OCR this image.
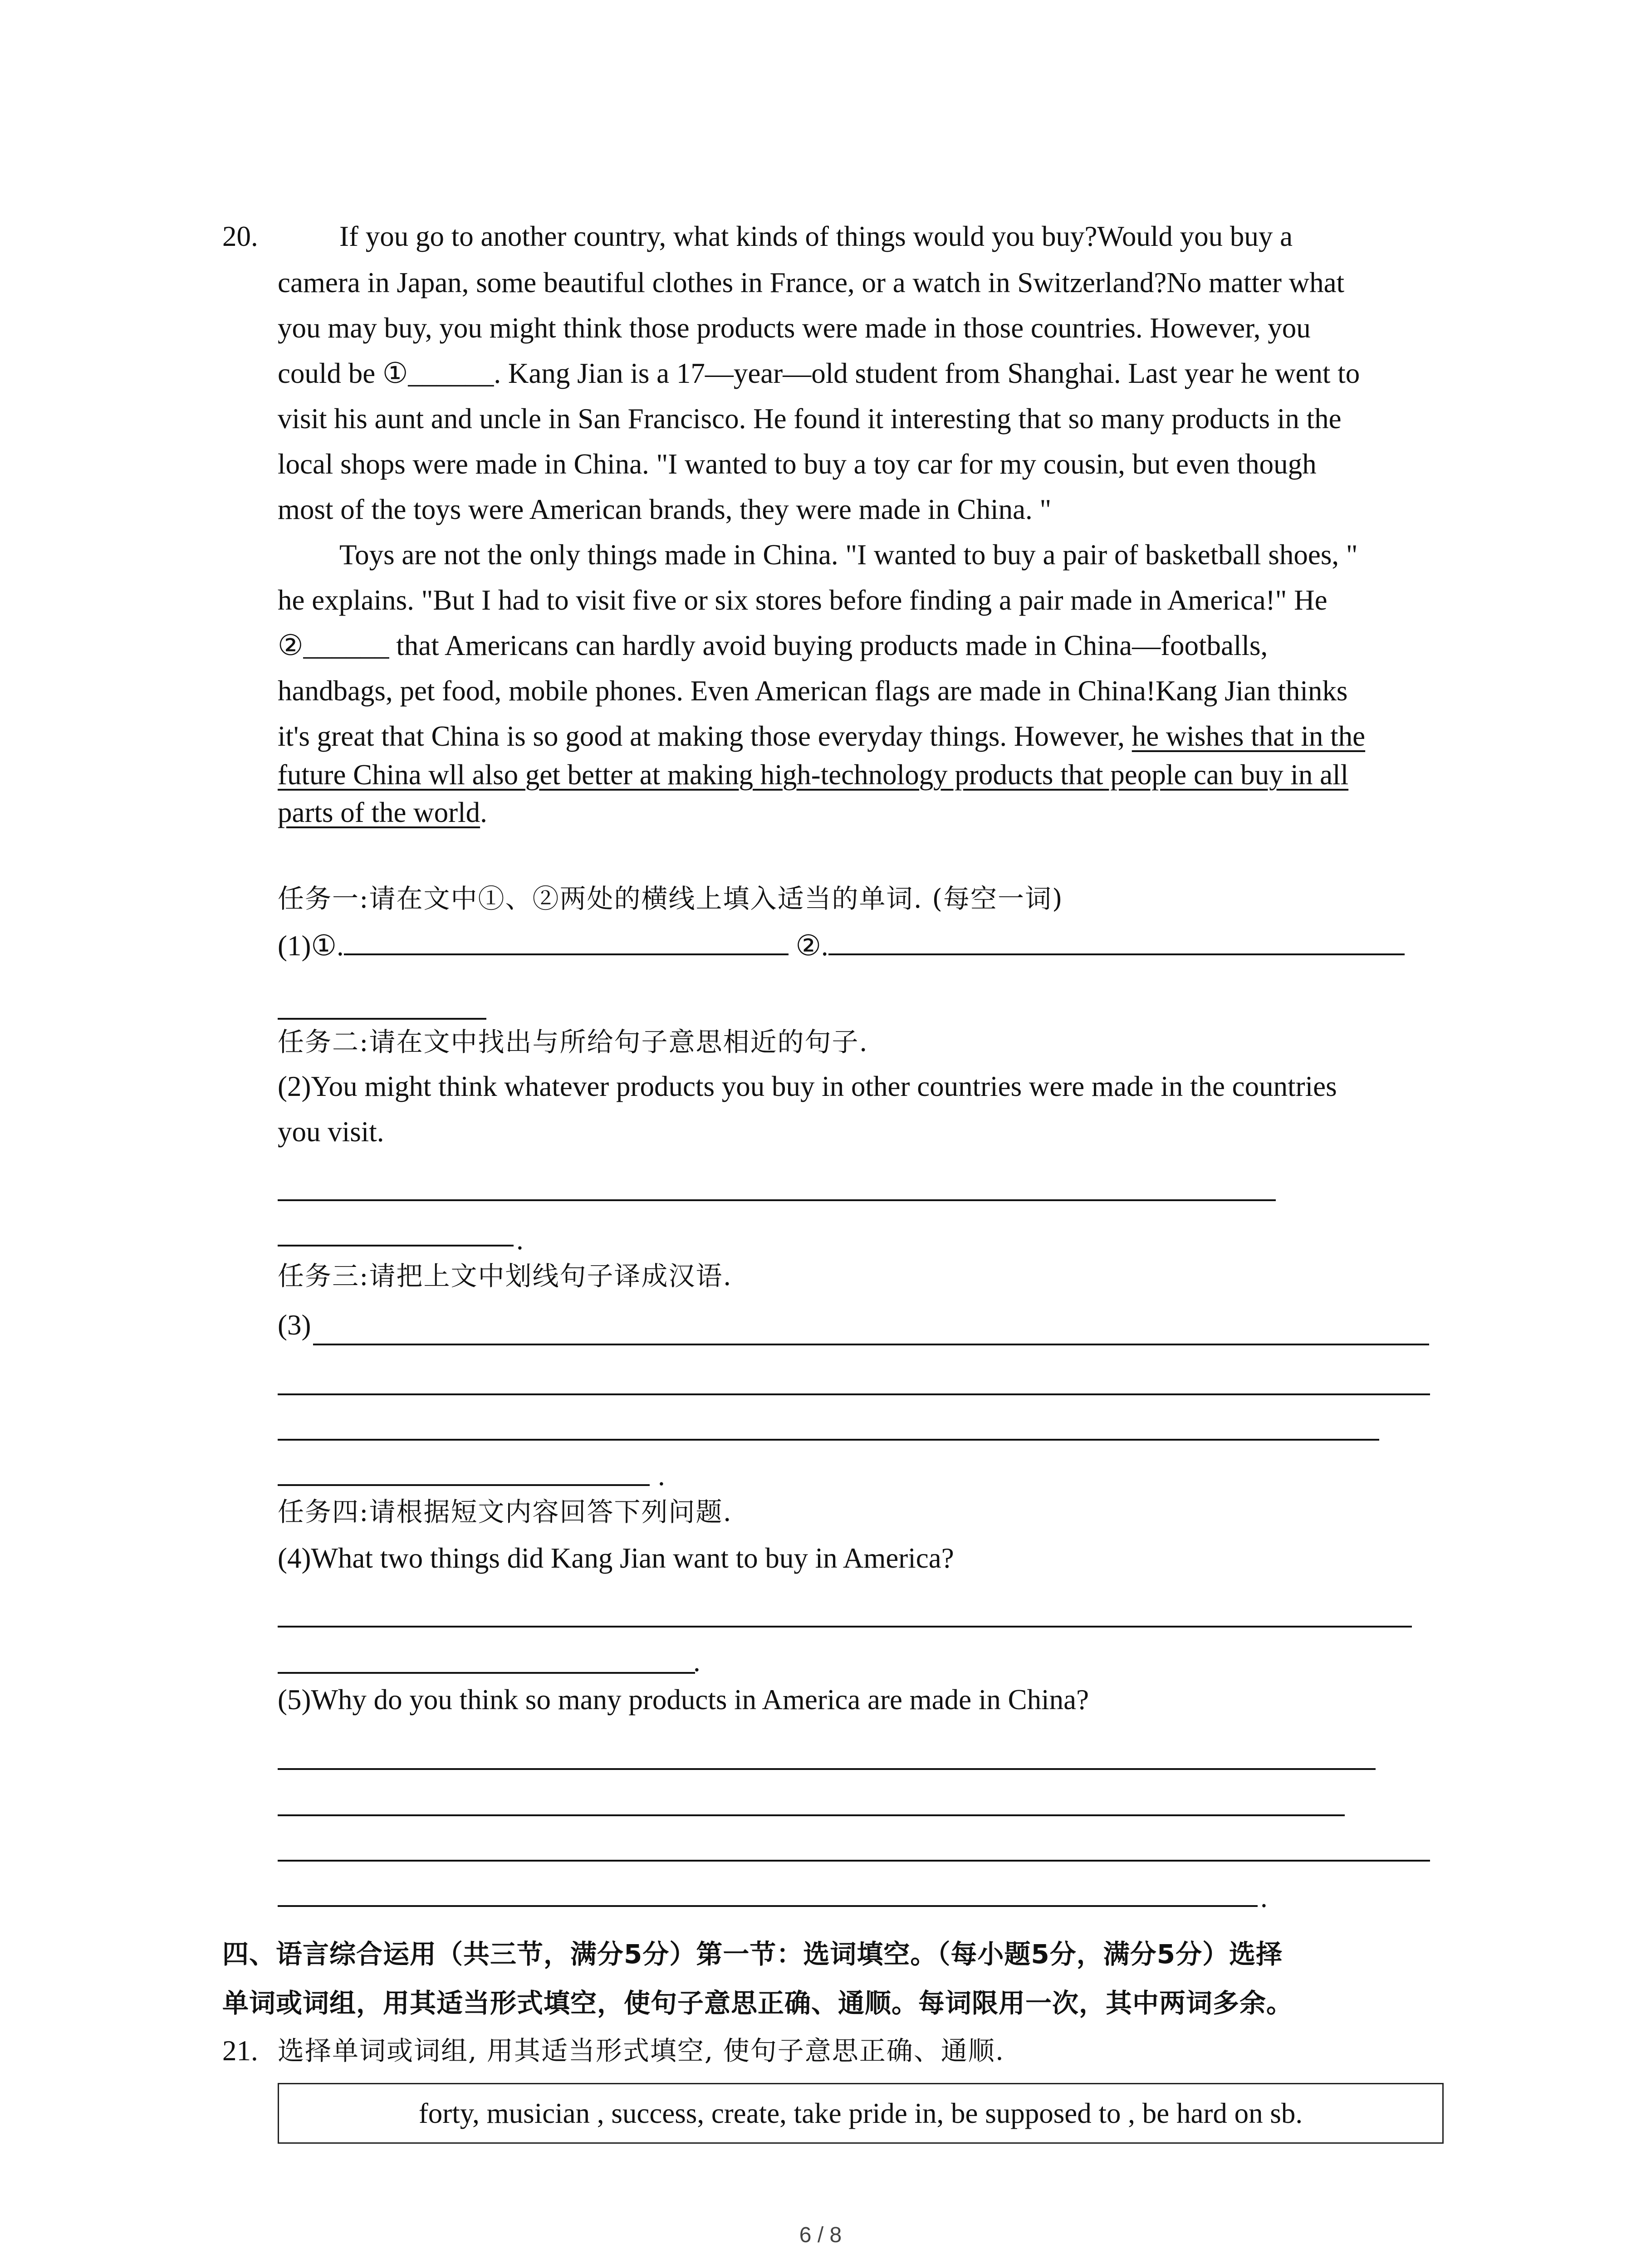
20.	If you go to another country, what kinds of things would you buy?Would you buy a
camera in Japan, some beautiful clothes in France, or a watch in Switzerland?No matter what
you may buy, you might think those products were made in those countries. However, you
could be ①______. Kang Jian is a 17—year—old student from Shanghai. Last year he went to
visit his aunt and uncle in San Francisco. He found it interesting that so many products in the
local shops were made in China. "I wanted to buy a toy car for my cousin, but even though
most of the toys were American brands, they were made in China. "
Toys are not the only things made in China. "I wanted to buy a pair of basketball shoes, "
he explains. "But I had to visit five or six stores before finding a pair made in America!" He
②______ that Americans can hardly avoid buying products made in China—footballs,
handbags, pet food, mobile phones. Even American flags are made in China!Kang Jian thinks
it's great that China is so good at making those everyday things. However, he wishes that in the
future China wll also get better at making high-technology products that people can buy in all
parts of the world.
任务一:请在文中①、②两处的横线上填入适当的单词. (每空一词)
(1)①.	②.
任务二:请在文中找出与所给句子意思相近的句子.
(2)You might think whatever products you buy in other countries were made in the countries
you visit.
.
任务三:请把上文中划线句子译成汉语.
(3)
.
任务四:请根据短文内容回答下列问题.
(4)What two things did Kang Jian want to buy in America?
.
(5)Why do you think so many products in America are made in China?
.
四、语言综合运用（共三节，满分5分）第一节：选词填空。（每小题5分，满分5分）选择
单词或词组，用其适当形式填空，使句子意思正确、通顺。每词限用一次，其中两词多余。
21. 选择单词或词组, 用其适当形式填空, 使句子意思正确、通顺.
forty, musician , success, create, take pride in, be supposed to , be hard on sb.
6 / 8
